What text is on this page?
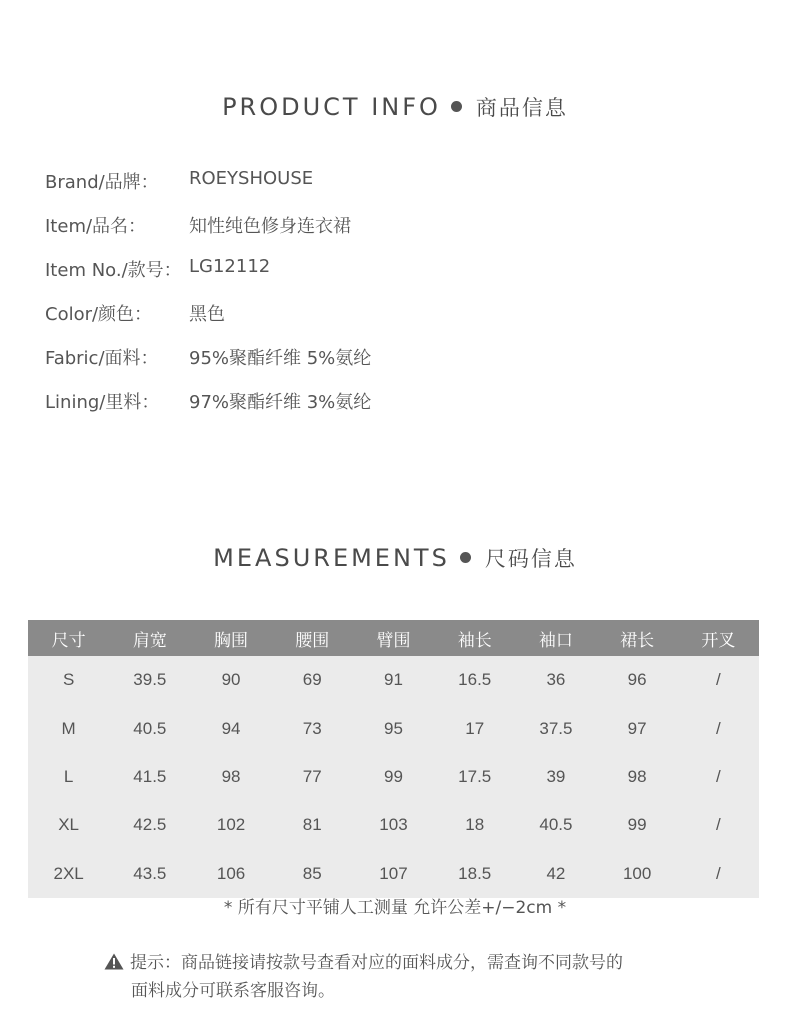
PRODUCT INFO 商品信息
Brand/品牌： ROEYSHOUSE
Item/品名： 知性纯色修身连衣裙
Item No./款号： LG12112
Color/颜色： 黑色
Fabric/面料： 95%聚酯纤维 5%氨纶
Lining/里料： 97%聚酯纤维 3%氨纶
MEASUREMENTS 尺码信息
尺寸	肩宽	胸围	腰围	臂围	袖长	袖口	裙长	开叉
S	39.5	90	69	91	16.5	36	96	/
M	40.5	94	73	95	17	37.5	97	/
L	41.5	98	77	99	17.5	39	98	/
XL	42.5	102	81	103	18	40.5	99	/
2XL	43.5	106	85	107	18.5	42	100	/
* 所有尺寸平铺人工测量 允许公差+/−2cm *
提示：商品链接请按款号查看对应的面料成分，需查询不同款号的
面料成分可联系客服咨询。
